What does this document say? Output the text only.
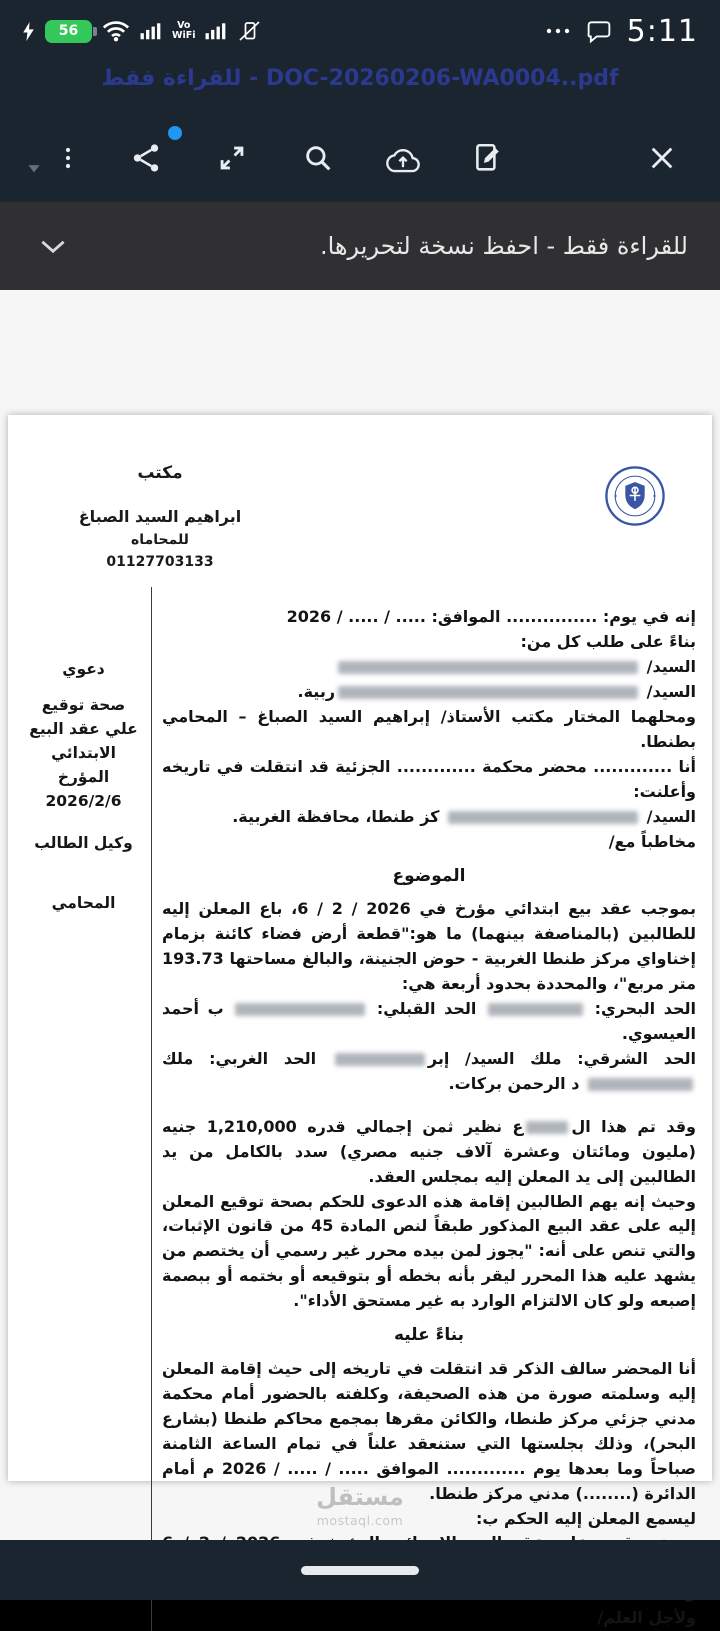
56	Vo
WiFi	5:11
DOC-20260206-WA0004..pdf - للقراءة فقط
للقراءة فقط - احفظ نسخة لتحريرها.
مكتب
ابراهيم السيد الصباغ
للمحاماه
01127703133
إنه في يوم: ............... الموافق: ..... / ..... / 2026
بناءً على طلب كل من:
السيد/
السيد/ ربية.
ومحلهما المختار مكتب الأستاذ/ إبراهيم السيد الصباغ – المحامي بطنطا.
أنا ............. محضر محكمة ............. الجزئية قد انتقلت في تاريخه وأعلنت:
السيد/  كز طنطا، محافظة الغربية.
مخاطباً مع/
الموضوع
بموجب عقد بيع ابتدائي مؤرخ في ⁦6 / 2 / 2026⁩، باع المعلن إليه للطالبين (بالمناصفة بينهما) ما هو:"قطعة أرض فضاء كائنة بزمام إخناواي مركز طنطا الغربية - حوض الجنينة، والبالغ مساحتها 193.73 متر مربع"، والمحددة بحدود أربعة هي:
الحد البحري:  الحد القبلي:  ب أحمد العيسوي.
الحد الشرقي: ملك السيد/ إبر الحد الغربي: ملك  د الرحمن بركات.
وقد تم هذا الع نظير ثمن إجمالي قدره 1,210,000 جنيه (مليون ومائتان وعشرة آلاف جنيه مصري) سدد بالكامل من يد الطالبين إلى يد المعلن إليه بمجلس العقد.
وحيث إنه يهم الطالبين إقامة هذه الدعوى للحكم بصحة توقيع المعلن إليه على عقد البيع المذكور طبقاً لنص المادة 45 من قانون الإثبات، والتي تنص على أنه: "يجوز لمن بيده محرر غير رسمي أن يختصم من يشهد عليه هذا المحرر ليقر بأنه بخطه أو بتوقيعه أو بختمه أو ببصمة إصبعه ولو كان الالتزام الوارد به غير مستحق الأداء".
بناءً عليه
أنا المحضر سالف الذكر قد انتقلت في تاريخه إلى حيث إقامة المعلن إليه وسلمته صورة من هذه الصحيفة، وكلفته بالحضور أمام محكمة مدني جزئي مركز طنطا، والكائن مقرها بمجمع محاكم طنطا (بشارع البحر)، وذلك بجلستها التي ستنعقد علناً في تمام الساعة الثامنة صباحاً وما بعدها يوم ............. الموافق ..... / ..... / 2026 م أمام الدائرة (........) مدني مركز طنطا.
ليسمع المعلن إليه الحكم ب:
ولأجل العلم/
دعوي
صحة توقيع علي عقد البيع الابتدائي المؤرخ 2026/2/6
وكيل الطالب
المحامي
مستقل
mostaql.com
